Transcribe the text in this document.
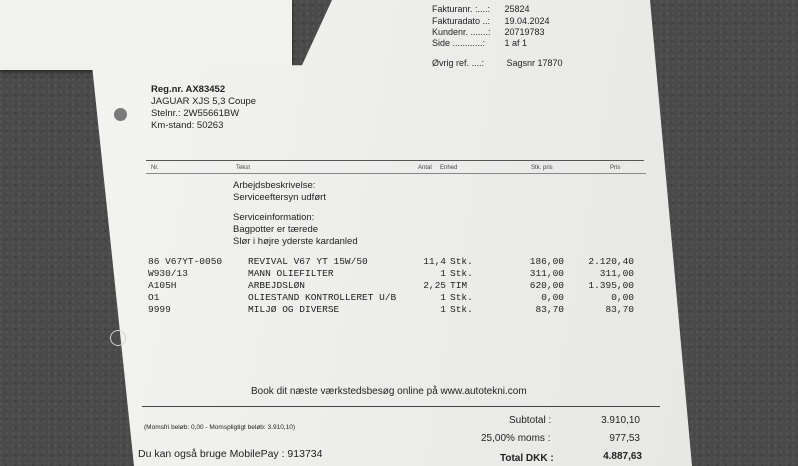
Fakturanr. :....: 25824
Fakturadato ..: 19.04.2024
Kundenr. .......: 20719783
Side ............: 1 af 1
Øvrig ref. ....:	Sagsnr 17870
Reg.nr. AX83452
JAGUAR XJS 5,3 Coupe
Stelnr.: 2W55661BW
Km-stand: 50263
Nr.	Tekst	Antal Enhed	Stk. pris	Pris
Arbejdsbeskrivelse:
Serviceeftersyn udført
Serviceinformation:
Bagpotter er tærede
Slør i højre yderste kardanled
86 V67YT-0050	REVIVAL V67 YT 15W/50	11,4 Stk.	186,00	2.120,40
W930/13	MANN OLIEFILTER	1 Stk.	311,00	311,00
A105H	ARBEJDSLØN	2,25 TIM	620,00	1.395,00
O1	OLIESTAND KONTROLLERET U/B	1 Stk.	0,00	0,00
9999	MILJØ OG DIVERSE	1 Stk.	83,70	83,70
Book dit næste værkstedsbesøg online på www.autotekni.com
(Momsfri beløb: 0,00 - Momspligtigt beløb: 3.910,10)
Subtotal :	3.910,10
25,00% moms :	977,53
Du kan også bruge MobilePay : 913734	Total DKK :	4.887,63
